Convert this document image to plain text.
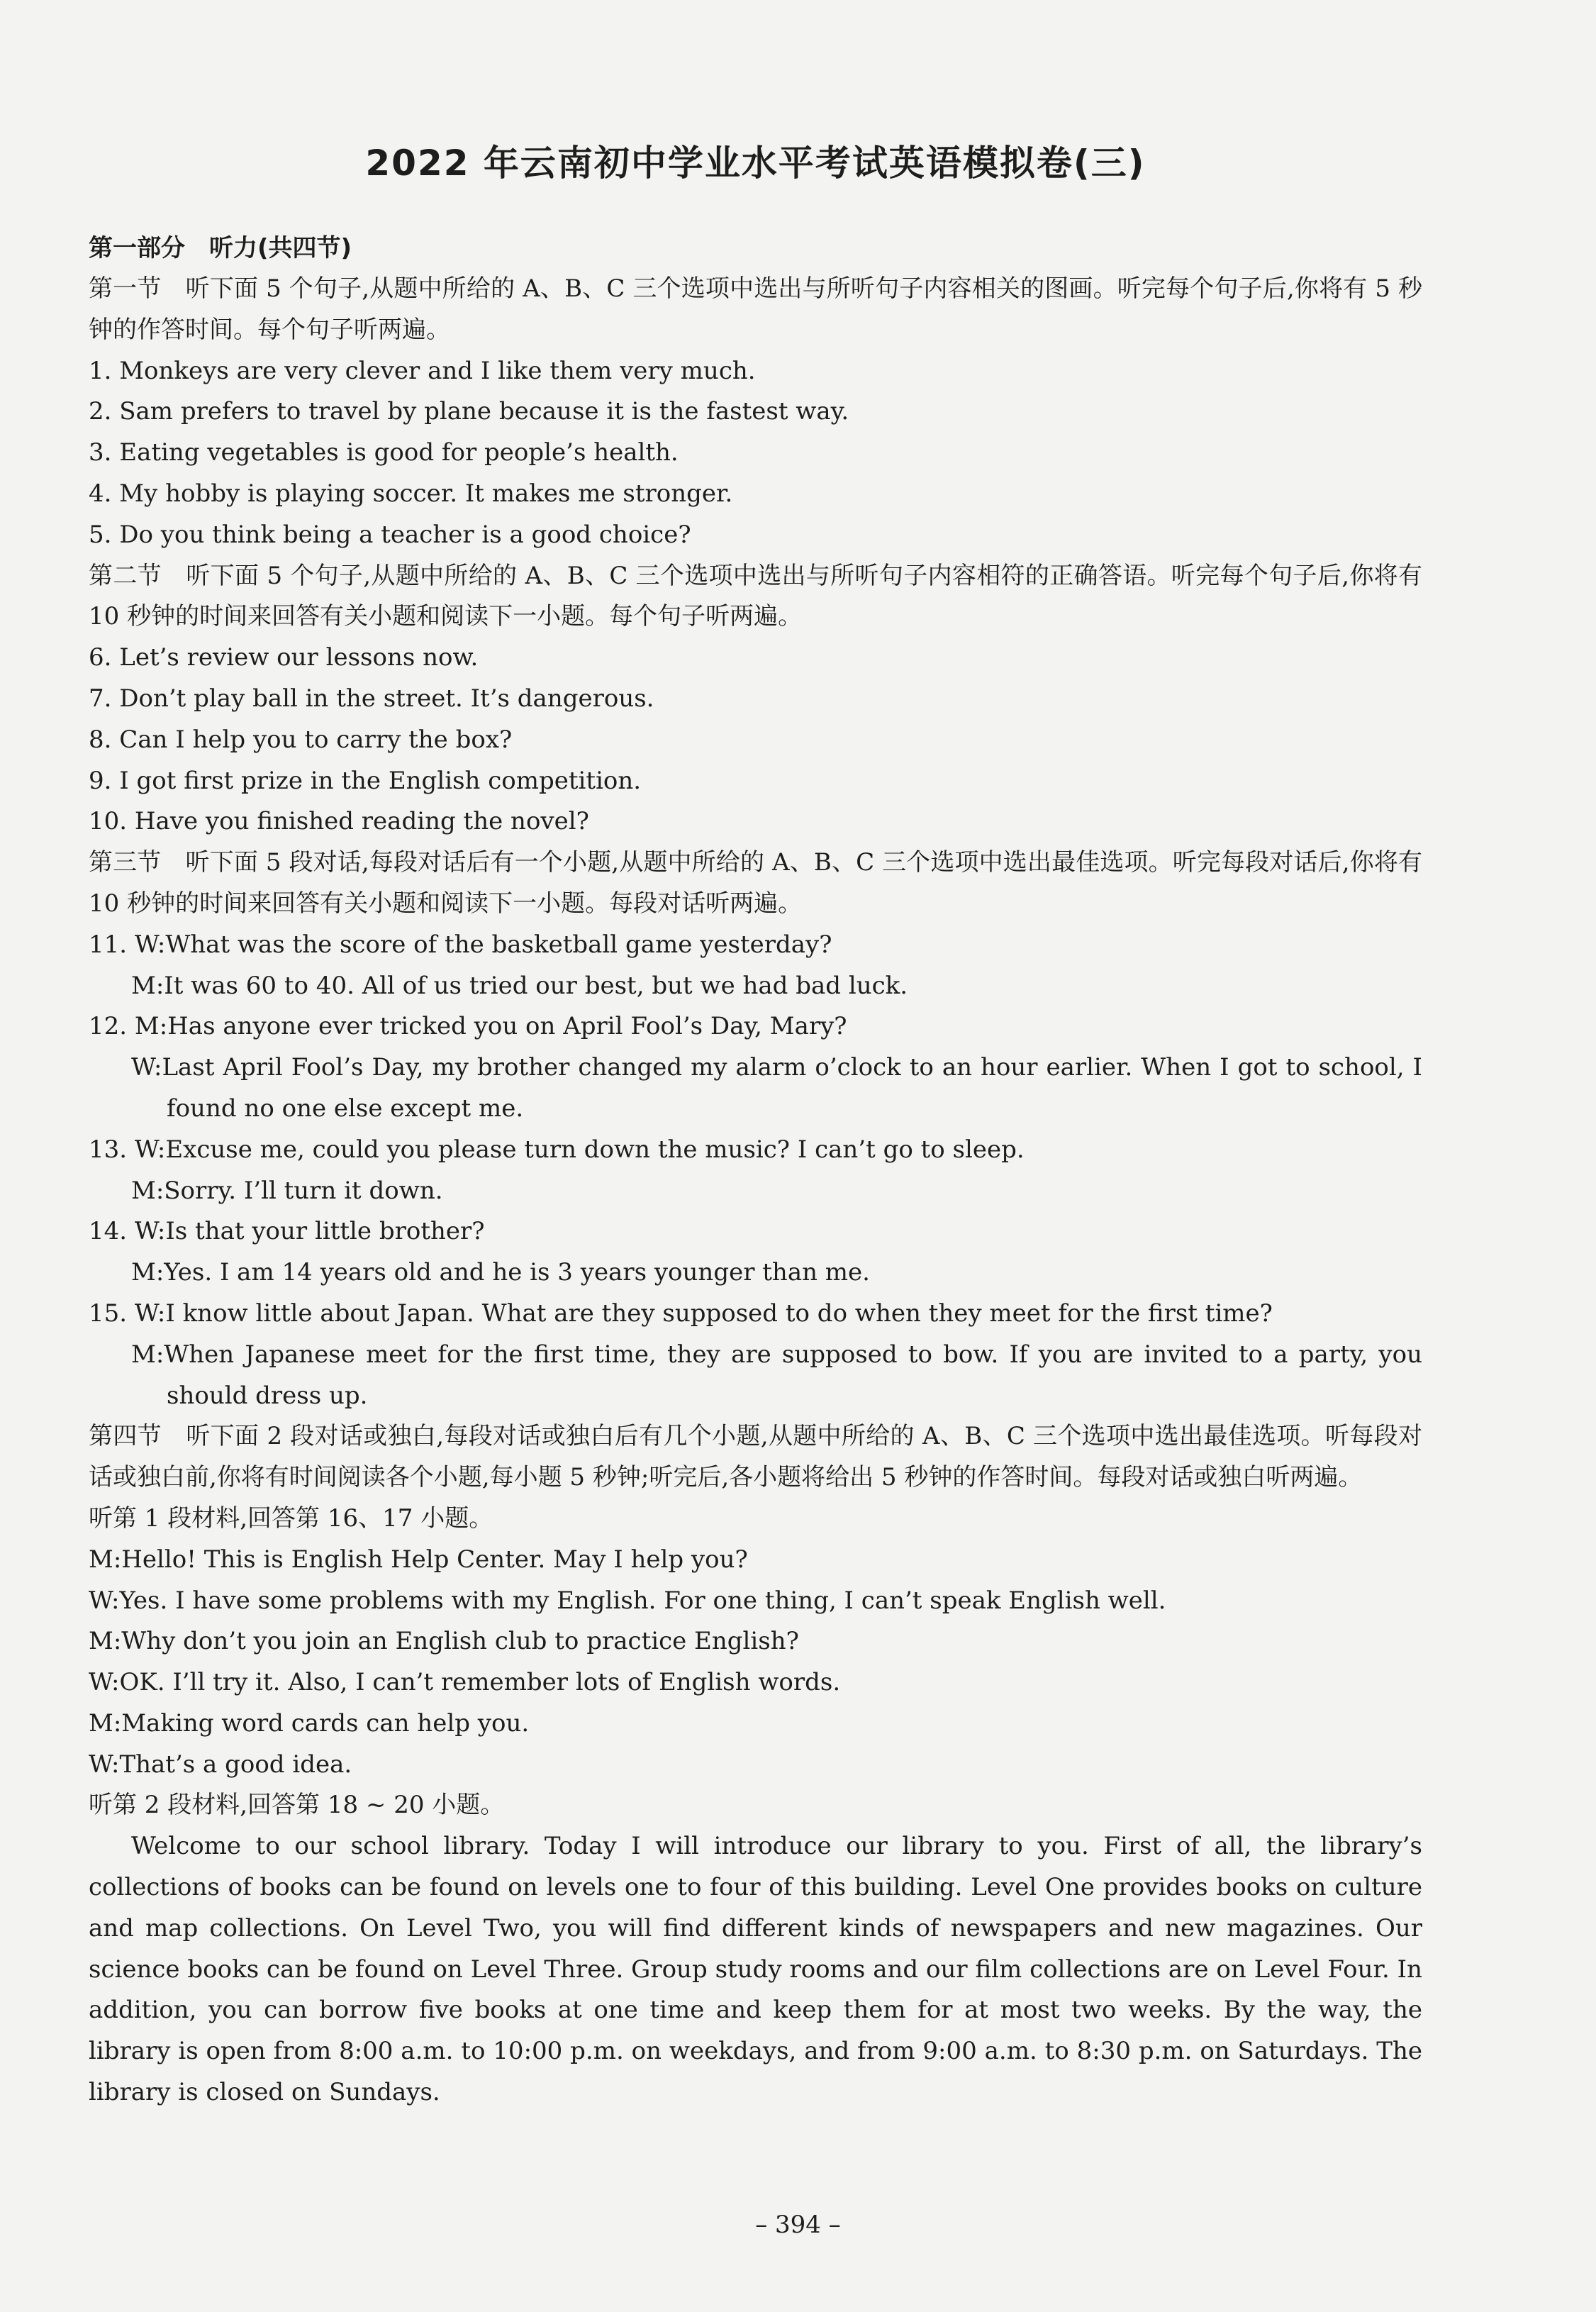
2022 年云南初中学业水平考试英语模拟卷(三)

第一部分　听力(共四节)

第一节　听下面 5 个句子,从题中所给的 A、B、C 三个选项中选出与所听句子内容相关的图画。听完每个句子后,你将有 5 秒钟的作答时间。每个句子听两遍。

1. Monkeys are very clever and I like them very much.

2. Sam prefers to travel by plane because it is the fastest way.

3. Eating vegetables is good for people’s health.

4. My hobby is playing soccer. It makes me stronger.

5. Do you think being a teacher is a good choice?

第二节　听下面 5 个句子,从题中所给的 A、B、C 三个选项中选出与所听句子内容相符的正确答语。听完每个句子后,你将有 10 秒钟的时间来回答有关小题和阅读下一小题。每个句子听两遍。

6. Let’s review our lessons now.

7. Don’t play ball in the street. It’s dangerous.

8. Can I help you to carry the box?

9. I got first prize in the English competition.

10. Have you finished reading the novel?

第三节　听下面 5 段对话,每段对话后有一个小题,从题中所给的 A、B、C 三个选项中选出最佳选项。听完每段对话后,你将有 10 秒钟的时间来回答有关小题和阅读下一小题。每段对话听两遍。

11. W:What was the score of the basketball game yesterday?

M:It was 60 to 40. All of us tried our best, but we had bad luck.

12. M:Has anyone ever tricked you on April Fool’s Day, Mary?

W:Last April Fool’s Day, my brother changed my alarm o’clock to an hour earlier. When I got to school, I found no one else except me.

13. W:Excuse me, could you please turn down the music? I can’t go to sleep.

M:Sorry. I’ll turn it down.

14. W:Is that your little brother?

M:Yes. I am 14 years old and he is 3 years younger than me.

15. W:I know little about Japan. What are they supposed to do when they meet for the first time?

M:When Japanese meet for the first time, they are supposed to bow. If you are invited to a party, you should dress up.

第四节　听下面 2 段对话或独白,每段对话或独白后有几个小题,从题中所给的 A、B、C 三个选项中选出最佳选项。听每段对话或独白前,你将有时间阅读各个小题,每小题 5 秒钟;听完后,各小题将给出 5 秒钟的作答时间。每段对话或独白听两遍。

听第 1 段材料,回答第 16、17 小题。

M:Hello! This is English Help Center. May I help you?

W:Yes. I have some problems with my English. For one thing, I can’t speak English well.

M:Why don’t you join an English club to practice English?

W:OK. I’ll try it. Also, I can’t remember lots of English words.

M:Making word cards can help you.

W:That’s a good idea.

听第 2 段材料,回答第 18 ~ 20 小题。

Welcome to our school library. Today I will introduce our library to you. First of all, the library’s collections of books can be found on levels one to four of this building. Level One provides books on culture and map collections. On Level Two, you will find different kinds of newspapers and new magazines. Our science books can be found on Level Three. Group study rooms and our film collections are on Level Four. In addition, you can borrow five books at one time and keep them for at most two weeks. By the way, the library is open from 8:00 a.m. to 10:00 p.m. on weekdays, and from 9:00 a.m. to 8:30 p.m. on Saturdays. The library is closed on Sundays.

– 394 –
